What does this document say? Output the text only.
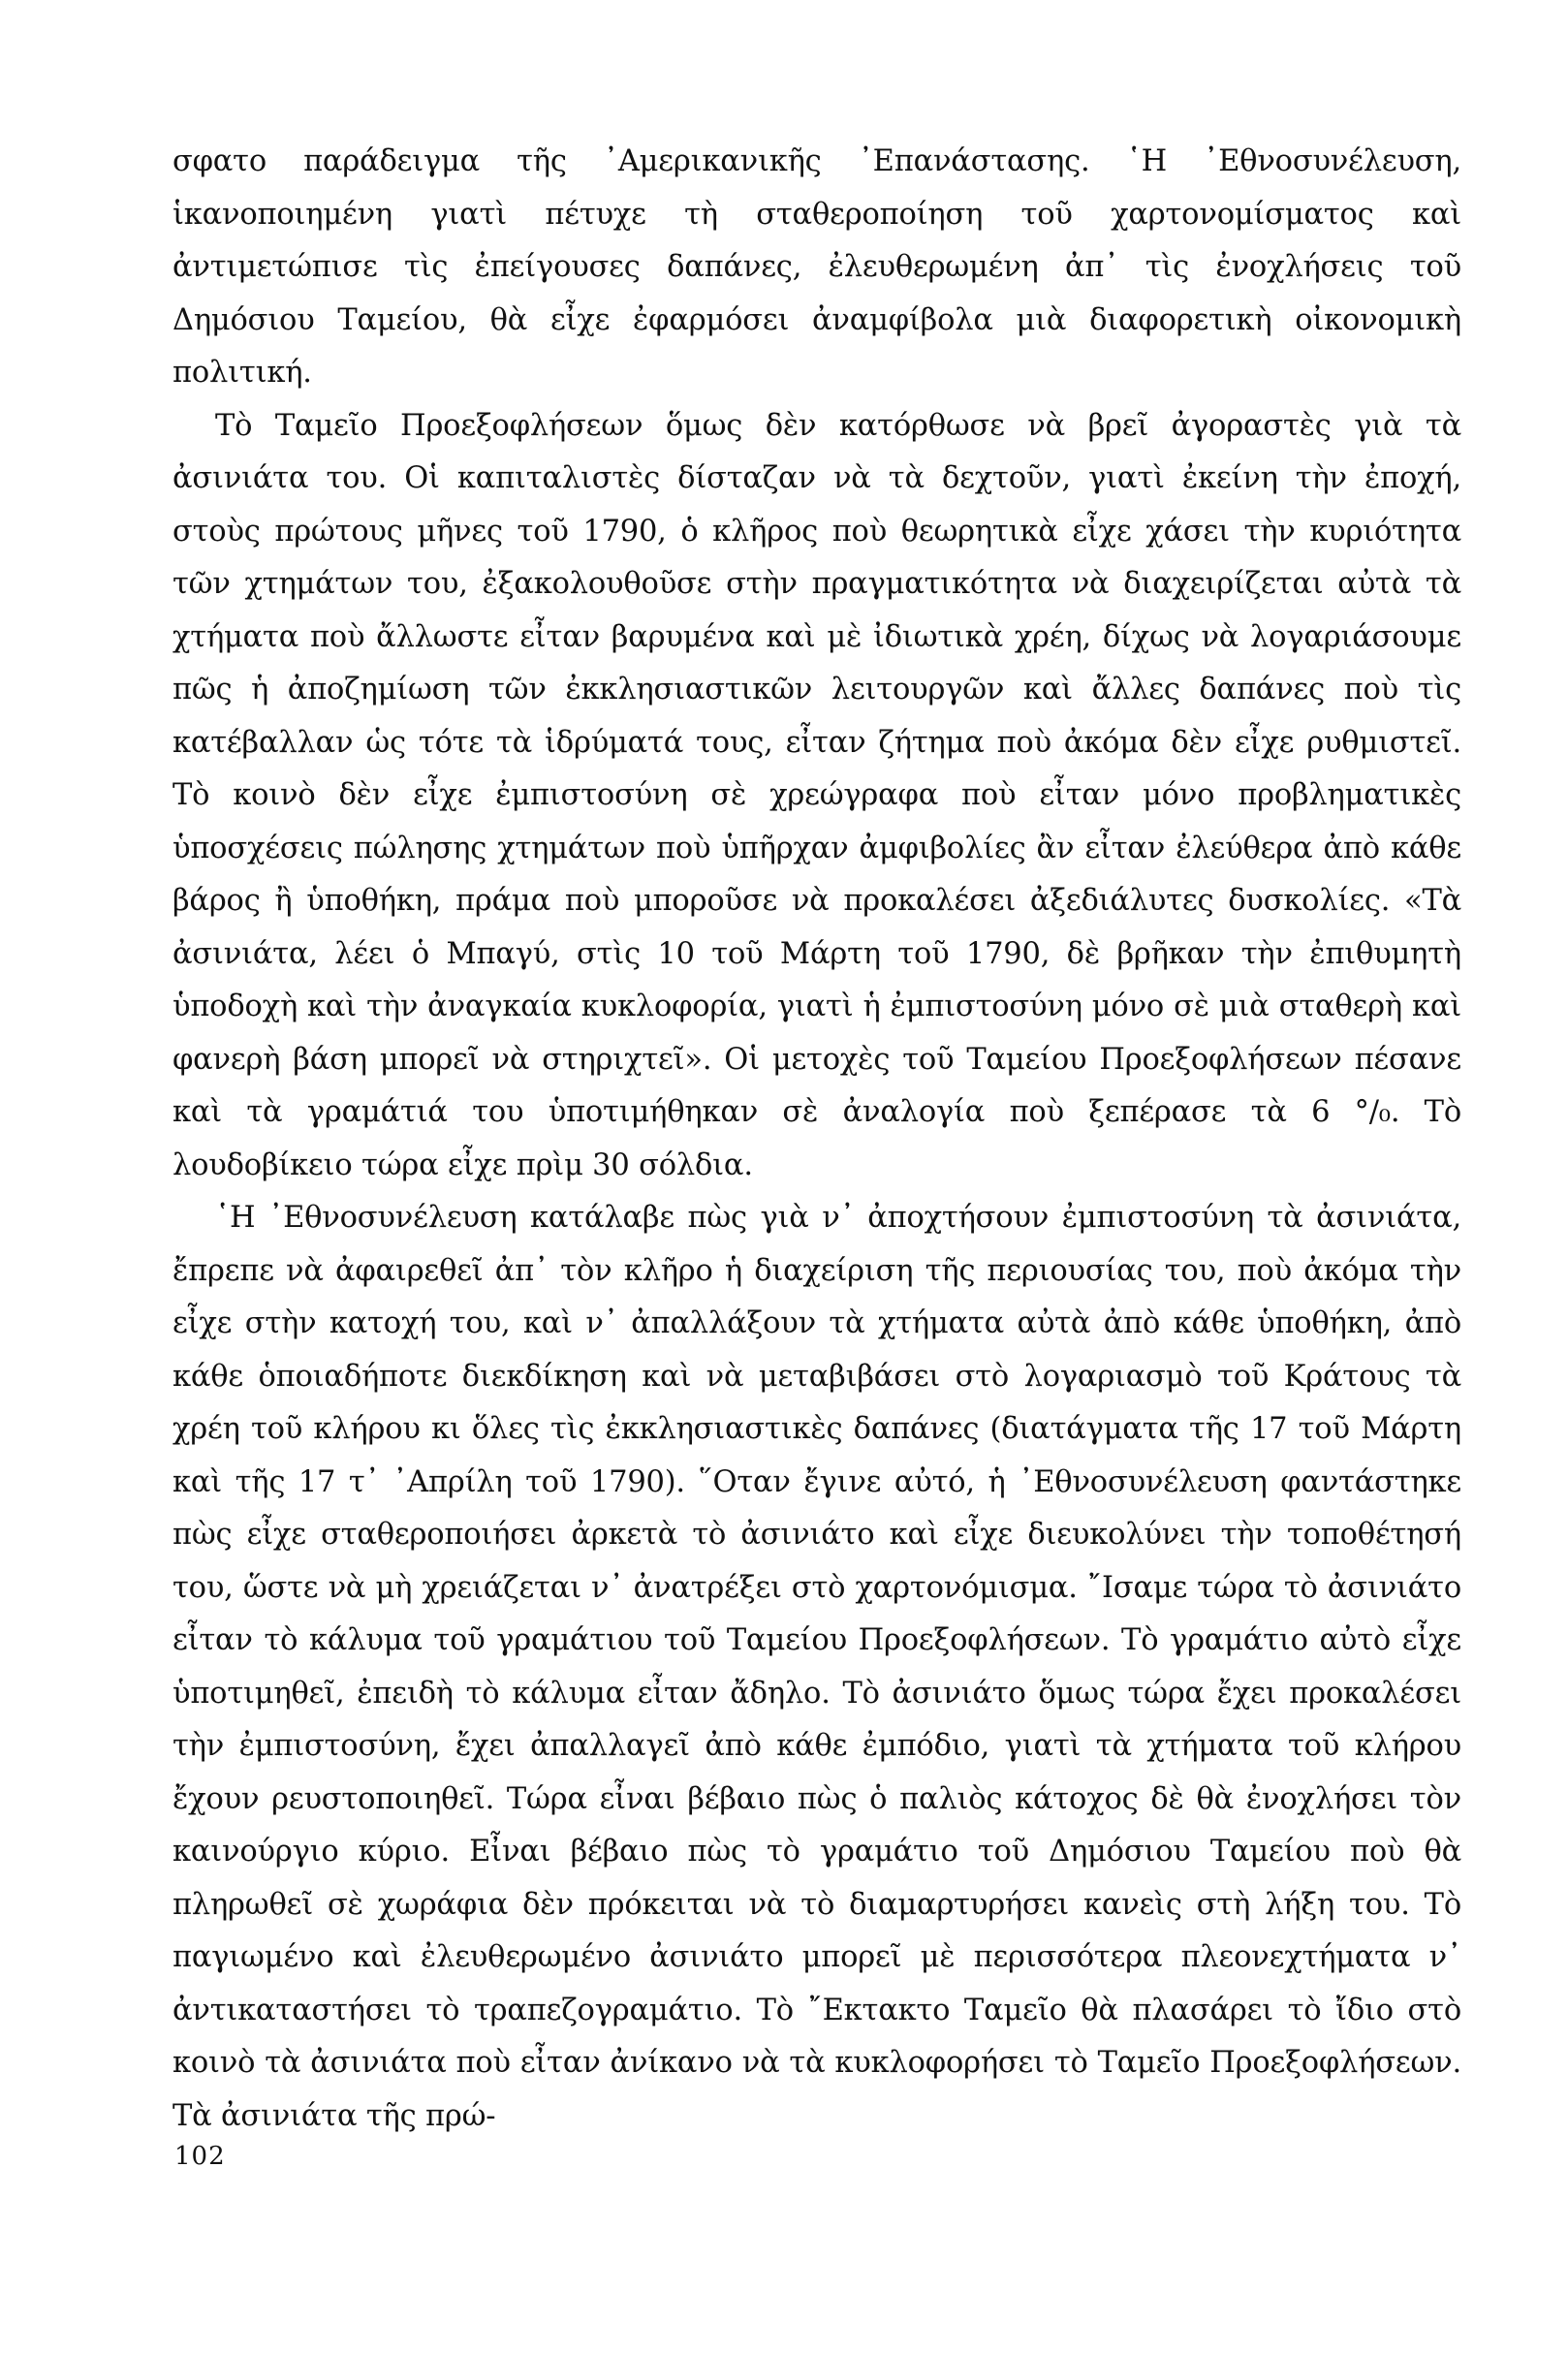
σφατο παράδειγμα τῆς ᾿Αμερικανικῆς ᾿Επανάστασης. ῾Η ᾿Εθνοσυνέλευση, ἱκανοποιημένη γιατὶ πέτυχε τὴ σταθεροποίηση τοῦ χαρτονομίσματος καὶ ἀντιμετώπισε τὶς ἐπείγουσες δαπάνες, ἐλευθερωμένη ἀπ᾿ τὶς ἐνοχλήσεις τοῦ Δημόσιου Ταμείου, θὰ εἶχε ἐφαρμόσει ἀναμφίβολα μιὰ διαφορετικὴ οἰκονομικὴ πολιτική.

Τὸ Ταμεῖο Προεξοφλήσεων ὅμως δὲν κατόρθωσε νὰ βρεῖ ἀγοραστὲς γιὰ τὰ ἀσινιάτα του. Οἱ καπιταλιστὲς δίσταζαν νὰ τὰ δεχτοῦν, γιατὶ ἐκείνη τὴν ἐποχή, στοὺς πρώτους μῆνες τοῦ 1790, ὁ κλῆρος ποὺ θεωρητικὰ εἶχε χάσει τὴν κυριότητα τῶν χτημάτων του, ἐξακολουθοῦσε στὴν πραγματικότητα νὰ διαχειρίζεται αὐτὰ τὰ χτήματα ποὺ ἄλλωστε εἶταν βαρυμένα καὶ μὲ ἰδιωτικὰ χρέη, δίχως νὰ λογαριάσουμε πῶς ἡ ἀποζημίωση τῶν ἐκκλησιαστικῶν λειτουργῶν καὶ ἄλλες δαπάνες ποὺ τὶς κατέβαλλαν ὡς τότε τὰ ἱδρύματά τους, εἶταν ζήτημα ποὺ ἀκόμα δὲν εἶχε ρυθμιστεῖ. Τὸ κοινὸ δὲν εἶχε ἐμπιστοσύνη σὲ χρεώγραφα ποὺ εἶταν μόνο προβληματικὲς ὑποσχέσεις πώλησης χτημάτων ποὺ ὑπῆρχαν ἀμφιβολίες ἂν εἶταν ἐλεύθερα ἀπὸ κάθε βάρος ἢ ὑποθήκη, πράμα ποὺ μποροῦσε νὰ προκαλέσει ἀξεδιάλυτες δυσκολίες. «Τὰ ἀσινιάτα, λέει ὁ Μπαγύ, στὶς 10 τοῦ Μάρτη τοῦ 1790, δὲ βρῆκαν τὴν ἐπιθυμητὴ ὑποδοχὴ καὶ τὴν ἀναγκαία κυκλοφορία, γιατὶ ἡ ἐμπιστοσύνη μόνο σὲ μιὰ σταθερὴ καὶ φανερὴ βάση μπορεῖ νὰ στηριχτεῖ». Οἱ μετοχὲς τοῦ Ταμείου Προεξοφλήσεων πέσανε καὶ τὰ γραμάτιά του ὑποτιμήθηκαν σὲ ἀναλογία ποὺ ξεπέρασε τὰ 6 °/₀. Τὸ λουδοβίκειο τώρα εἶχε πρὶμ 30 σόλδια.

῾Η ᾿Εθνοσυνέλευση κατάλαβε πὼς γιὰ ν᾿ ἀποχτήσουν ἐμπιστοσύνη τὰ ἀσινιάτα, ἔπρεπε νὰ ἀφαιρεθεῖ ἀπ᾿ τὸν κλῆρο ἡ διαχείριση τῆς περιουσίας του, ποὺ ἀκόμα τὴν εἶχε στὴν κατοχή του, καὶ ν᾿ ἀπαλλάξουν τὰ χτήματα αὐτὰ ἀπὸ κάθε ὑποθήκη, ἀπὸ κάθε ὁποιαδήποτε διεκδίκηση καὶ νὰ μεταβιβάσει στὸ λογαριασμὸ τοῦ Κράτους τὰ χρέη τοῦ κλήρου κι ὅλες τὶς ἐκκλησιαστικὲς δαπάνες (διατάγματα τῆς 17 τοῦ Μάρτη καὶ τῆς 17 τ᾿ ᾿Απρίλη τοῦ 1790). ῞Οταν ἔγινε αὐτό, ἡ ᾿Εθνοσυνέλευση φαντάστηκε πὼς εἶχε σταθεροποιήσει ἀρκετὰ τὸ ἀσινιάτο καὶ εἶχε διευκολύνει τὴν τοποθέτησή του, ὥστε νὰ μὴ χρειάζεται ν᾿ ἀνατρέξει στὸ χαρτονόμισμα. ῎Ισαμε τώρα τὸ ἀσινιάτο εἶταν τὸ κάλυμα τοῦ γραμάτιου τοῦ Ταμείου Προεξοφλήσεων. Τὸ γραμάτιο αὐτὸ εἶχε ὑποτιμηθεῖ, ἐπειδὴ τὸ κάλυμα εἶταν ἄδηλο. Τὸ ἀσινιάτο ὅμως τώρα ἔχει προκαλέσει τὴν ἐμπιστοσύνη, ἔχει ἀπαλλαγεῖ ἀπὸ κάθε ἐμπόδιο, γιατὶ τὰ χτήματα τοῦ κλήρου ἔχουν ρευστοποιηθεῖ. Τώρα εἶναι βέβαιο πὼς ὁ παλιὸς κάτοχος δὲ θὰ ἐνοχλήσει τὸν καινούργιο κύριο. Εἶναι βέβαιο πὼς τὸ γραμάτιο τοῦ Δημόσιου Ταμείου ποὺ θὰ πληρωθεῖ σὲ χωράφια δὲν πρόκειται νὰ τὸ διαμαρτυρήσει κανεὶς στὴ λήξη του. Τὸ παγιωμένο καὶ ἐλευθερωμένο ἀσινιάτο μπορεῖ μὲ περισσότερα πλεονεχτήματα ν᾿ ἀντικαταστήσει τὸ τραπεζογραμάτιο. Τὸ ῎Εκτακτο Ταμεῖο θὰ πλασάρει τὸ ἴδιο στὸ κοινὸ τὰ ἀσινιάτα ποὺ εἶταν ἀνίκανο νὰ τὰ κυκλοφορήσει τὸ Ταμεῖο Προεξοφλήσεων. Τὰ ἀσινιάτα τῆς πρώ-

102
